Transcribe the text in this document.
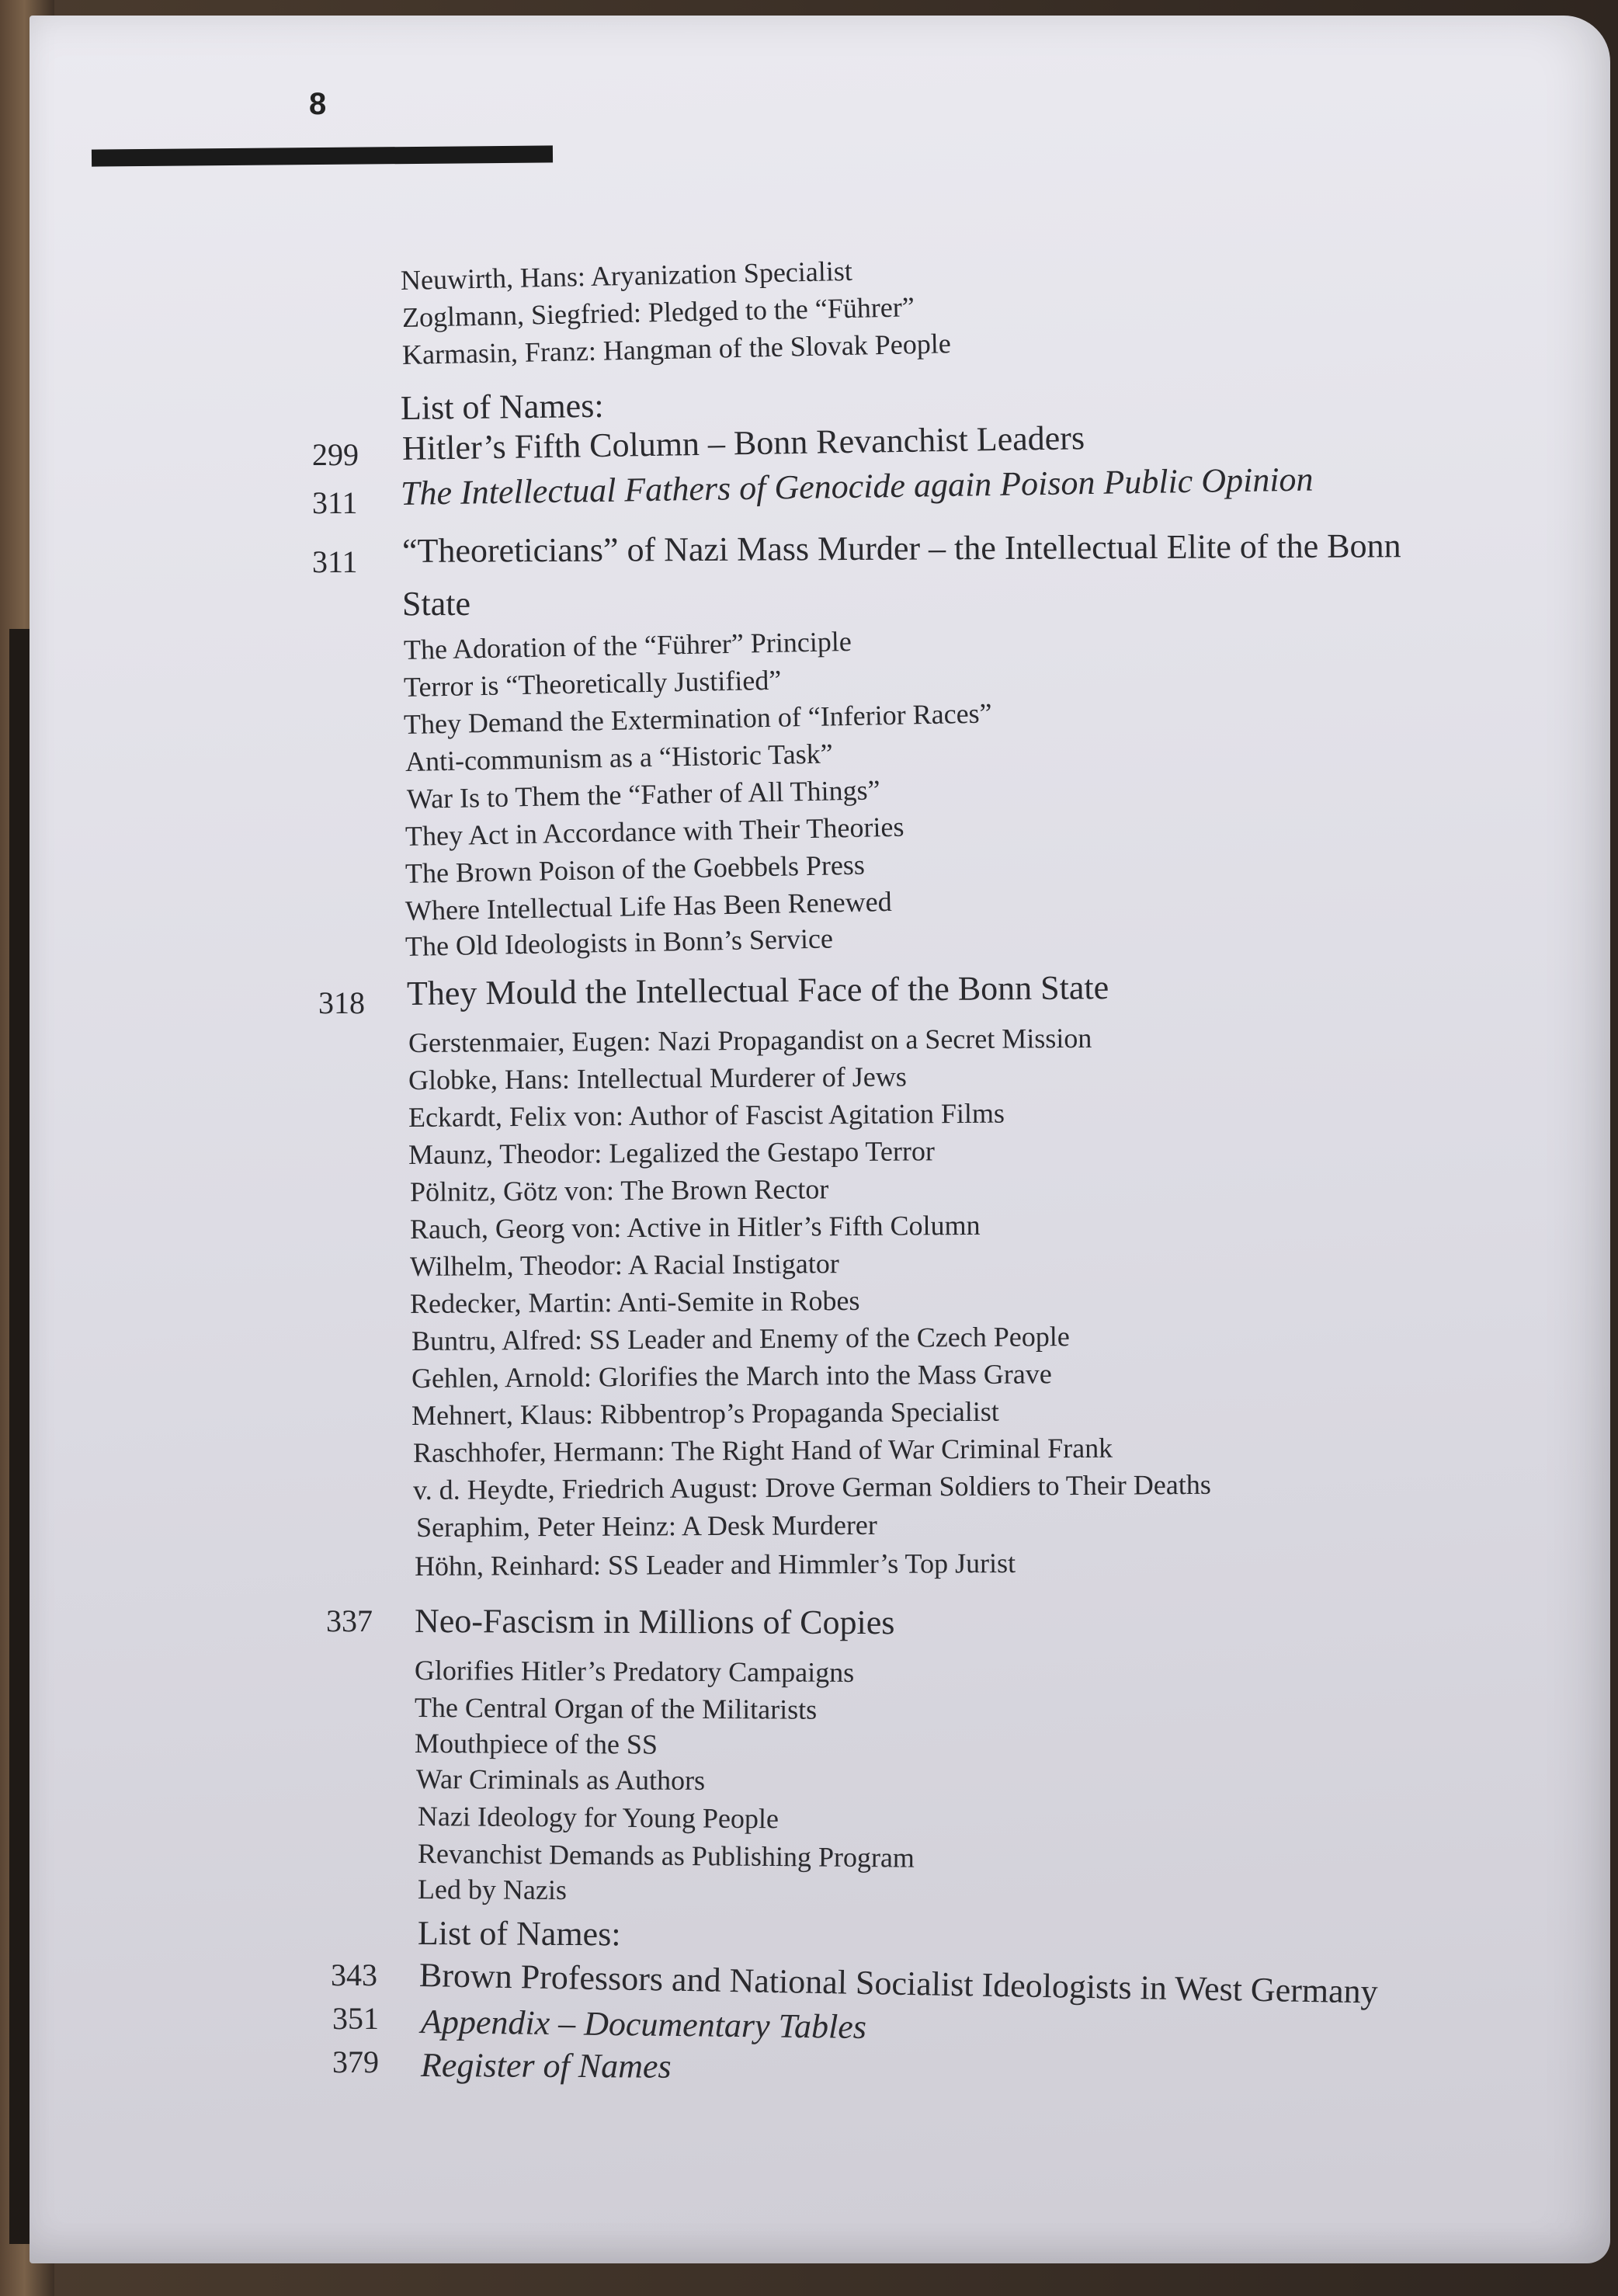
8
Neuwirth, Hans: Aryanization Specialist
Zoglmann, Siegfried: Pledged to the “Führer”
Karmasin, Franz: Hangman of the Slovak People
List of Names:
299 Hitler’s Fifth Column – Bonn Revanchist Leaders
311 The Intellectual Fathers of Genocide again Poison Public Opinion
311 “Theoreticians” of Nazi Mass Murder – the Intellectual Elite of the Bonn
State
The Adoration of the “Führer” Principle
Terror is “Theoretically Justified”
They Demand the Extermination of “Inferior Races”
Anti-communism as a “Historic Task”
War Is to Them the “Father of All Things”
They Act in Accordance with Their Theories
The Brown Poison of the Goebbels Press
Where Intellectual Life Has Been Renewed
The Old Ideologists in Bonn’s Service
318 They Mould the Intellectual Face of the Bonn State
Gerstenmaier, Eugen: Nazi Propagandist on a Secret Mission
Globke, Hans: Intellectual Murderer of Jews
Eckardt, Felix von: Author of Fascist Agitation Films
Maunz, Theodor: Legalized the Gestapo Terror
Pölnitz, Götz von: The Brown Rector
Rauch, Georg von: Active in Hitler’s Fifth Column
Wilhelm, Theodor: A Racial Instigator
Redecker, Martin: Anti-Semite in Robes
Buntru, Alfred: SS Leader and Enemy of the Czech People
Gehlen, Arnold: Glorifies the March into the Mass Grave
Mehnert, Klaus: Ribbentrop’s Propaganda Specialist
Raschhofer, Hermann: The Right Hand of War Criminal Frank
v. d. Heydte, Friedrich August: Drove German Soldiers to Their Deaths
Seraphim, Peter Heinz: A Desk Murderer
Höhn, Reinhard: SS Leader and Himmler’s Top Jurist
337 Neo-Fascism in Millions of Copies
Glorifies Hitler’s Predatory Campaigns
The Central Organ of the Militarists
Mouthpiece of the SS
War Criminals as Authors
Nazi Ideology for Young People
Revanchist Demands as Publishing Program
Led by Nazis
List of Names:
343 Brown Professors and National Socialist Ideologists in West Germany
351 Appendix – Documentary Tables
379 Register of Names
